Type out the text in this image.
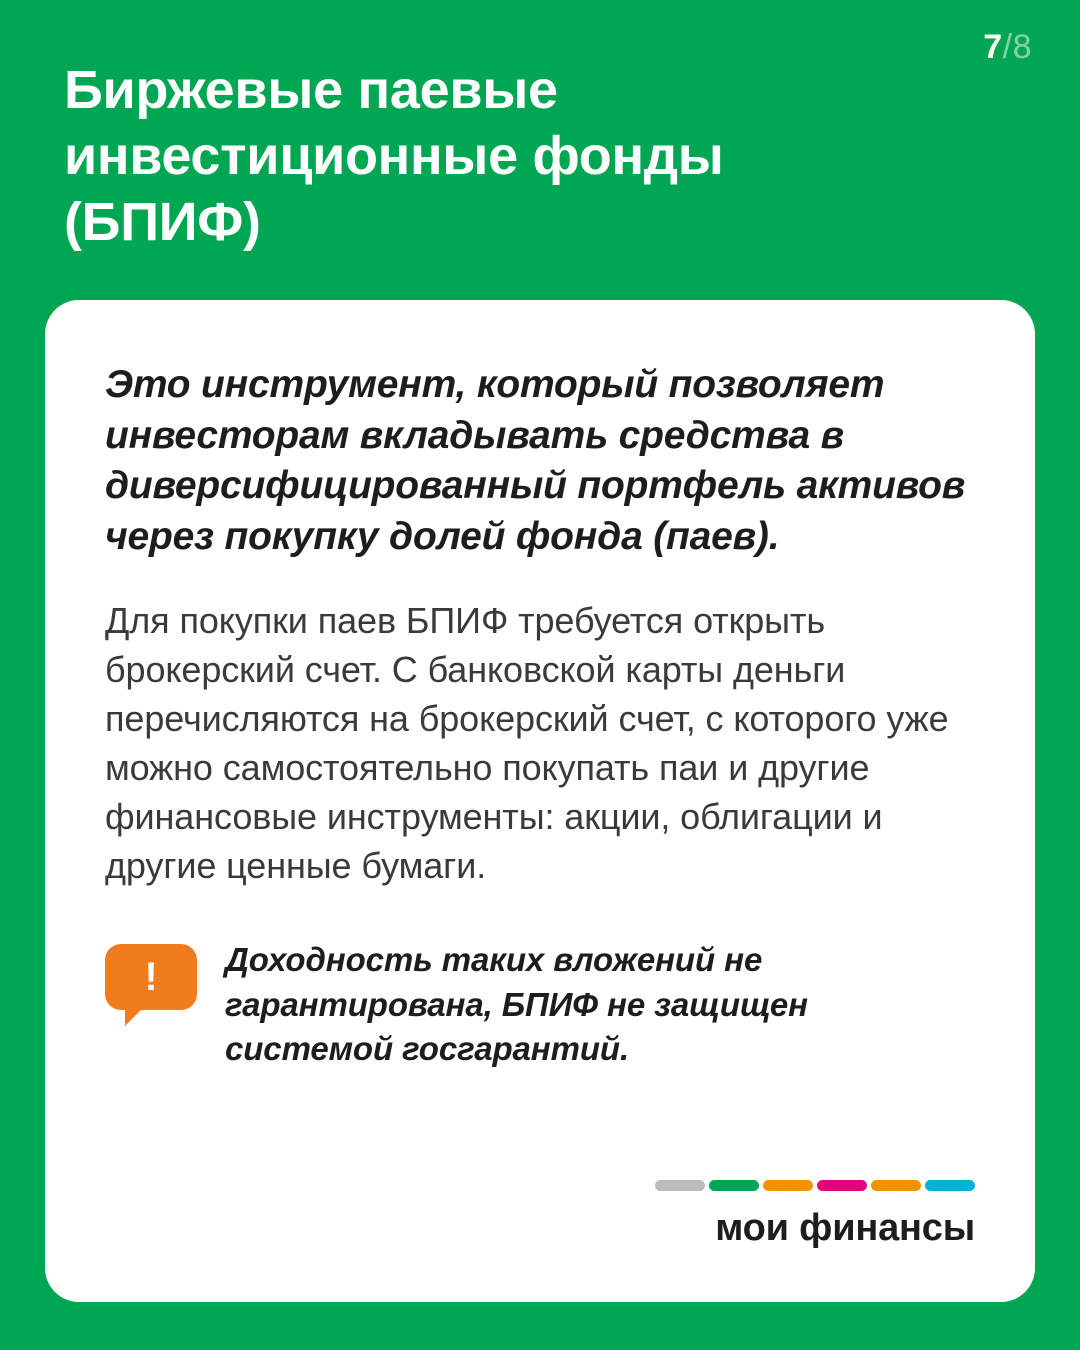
7/8
Биржевые паевые инвестиционные фонды (БПИФ)

Это инструмент, который позволяет инвесторам вкладывать средства в диверсифицированный портфель активов через покупку долей фонда (паев).

Для покупки паев БПИФ требуется открыть брокерский счет. С банковской карты деньги перечисляются на брокерский счет, с которого уже можно самостоятельно покупать паи и другие финансовые инструменты: акции, облигации и другие ценные бумаги.

!	Доходность таких вложений не гарантирована, БПИФ не защищен системой госгарантий.

мои финансы
